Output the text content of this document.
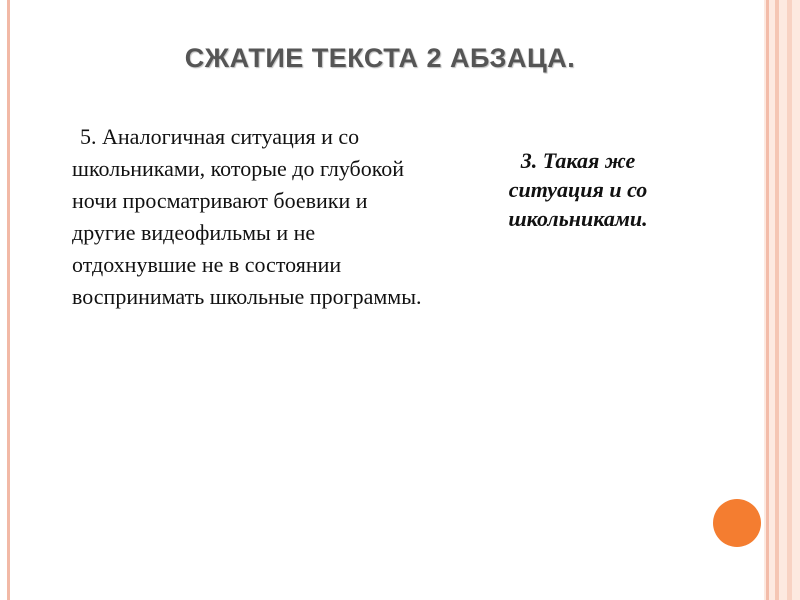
СЖАТИЕ ТЕКСТА 2 АБЗАЦА.
5. Аналогичная ситуация и со школьниками, которые до глубокой ночи просматривают боевики и другие видеофильмы и не отдохнувшие не в состоянии воспринимать школьные программы.
3. Такая же ситуация и со школьниками.
